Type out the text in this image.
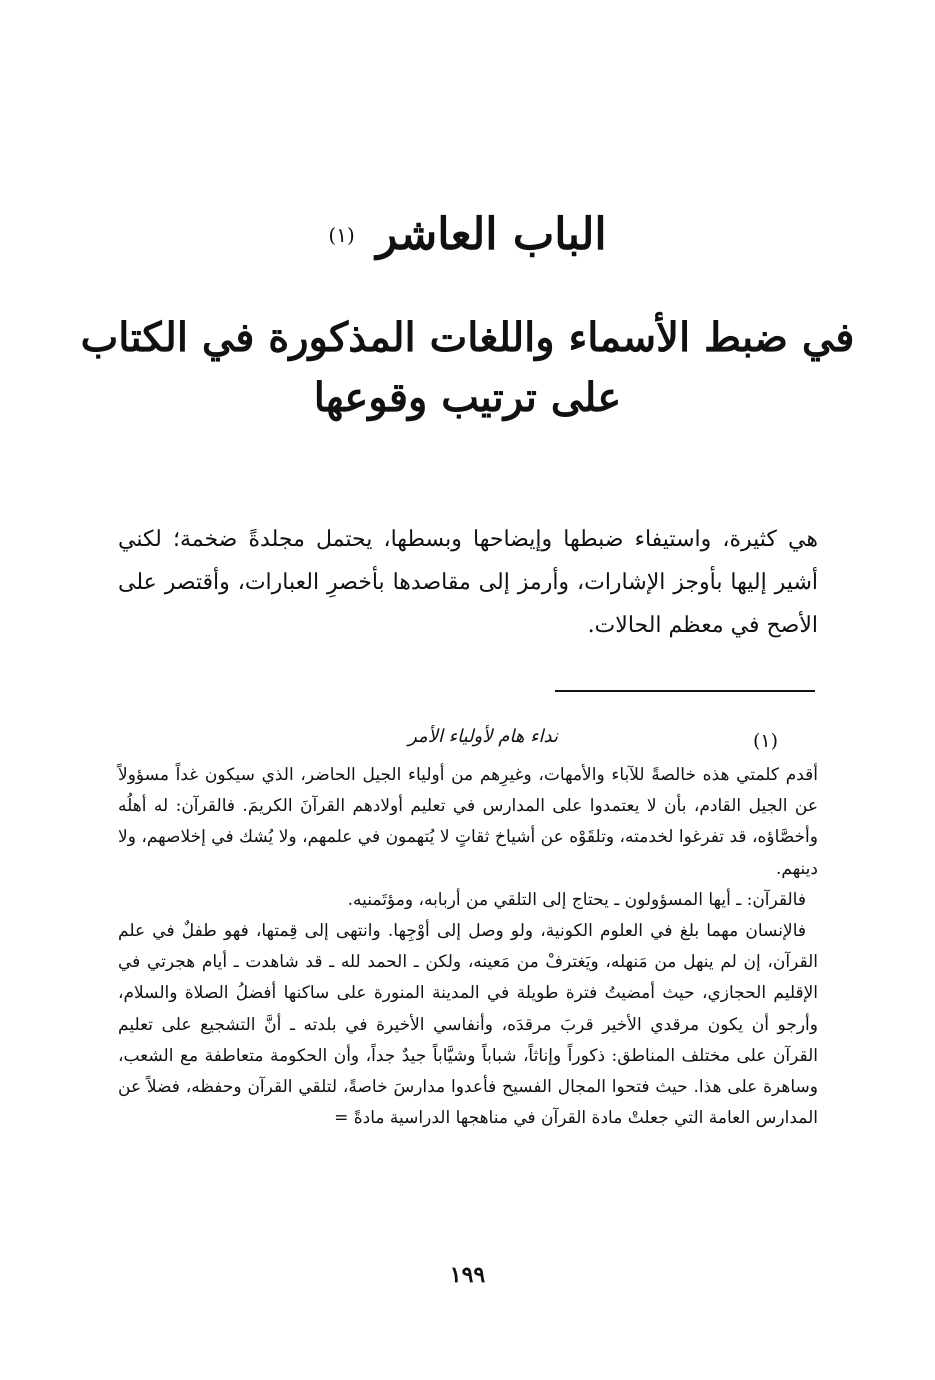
الباب العاشر $^{(١)}$
في ضبط الأسماء واللغات المذكورة في الكتاب
على ترتيب وقوعها

هي كثيرة، واستيفاء ضبطها وإيضاحها وبسطها، يحتمل مجلدةً ضخمة؛ لكني أشير إليها بأوجز الإشارات، وأرمز إلى مقاصدها بأخصرِ العبارات، وأقتصر على الأصح في معظم الحالات.

(١)
نداء هام لأولياء الأمر

أقدم كلمتي هذه خالصةً للآباء والأمهات، وغيرِهم من أولياء الجيل الحاضر، الذي سيكون غداً مسؤولاً عن الجيل القادم، بأن لا يعتمدوا على المدارس في تعليم أولادهم القرآنَ الكريمَ. فالقرآن: له أهلُه وأخصَّاؤه، قد تفرغوا لخدمته، وتلقَوْه عن أشياخ ثقاتٍ لا يُتهمون في علمهم، ولا يُشك في إخلاصهم، ولا دينهم.

فالقرآن: ـ أيها المسؤولون ـ يحتاج إلى التلقي من أربابه، ومؤتَمنيه.

فالإنسان مهما بلغ في العلوم الكونية، ولو وصل إلى أوْجِها. وانتهى إلى قِمتها، فهو طفلٌ في علم القرآن، إن لم ينهل من مَنهله، ويَغترفْ من مَعينه، ولكن ـ الحمد لله ـ قد شاهدت ـ أيام هجرتي في الإقليم الحجازي، حيث أمضيتُ فترة طويلة في المدينة المنورة على ساكنها أفضلُ الصلاة والسلام، وأرجو أن يكون مرقدي الأخير قربَ مرقدَه، وأنفاسي الأخيرة في بلدته ـ أنَّ التشجيع على تعليم القرآن على مختلف المناطق: ذكوراً وإناثاً، شباباً وشيَّاباً جيدٌ جداً، وأن الحكومة متعاطفة مع الشعب، وساهرة على هذا. حيث فتحوا المجال الفسيح فأعدوا مدارسَ خاصةً، لتلقي القرآن وحفظه، فضلاً عن المدارس العامة التي جعلتْ مادة القرآن في مناهجها الدراسية مادةً =

١٩٩
